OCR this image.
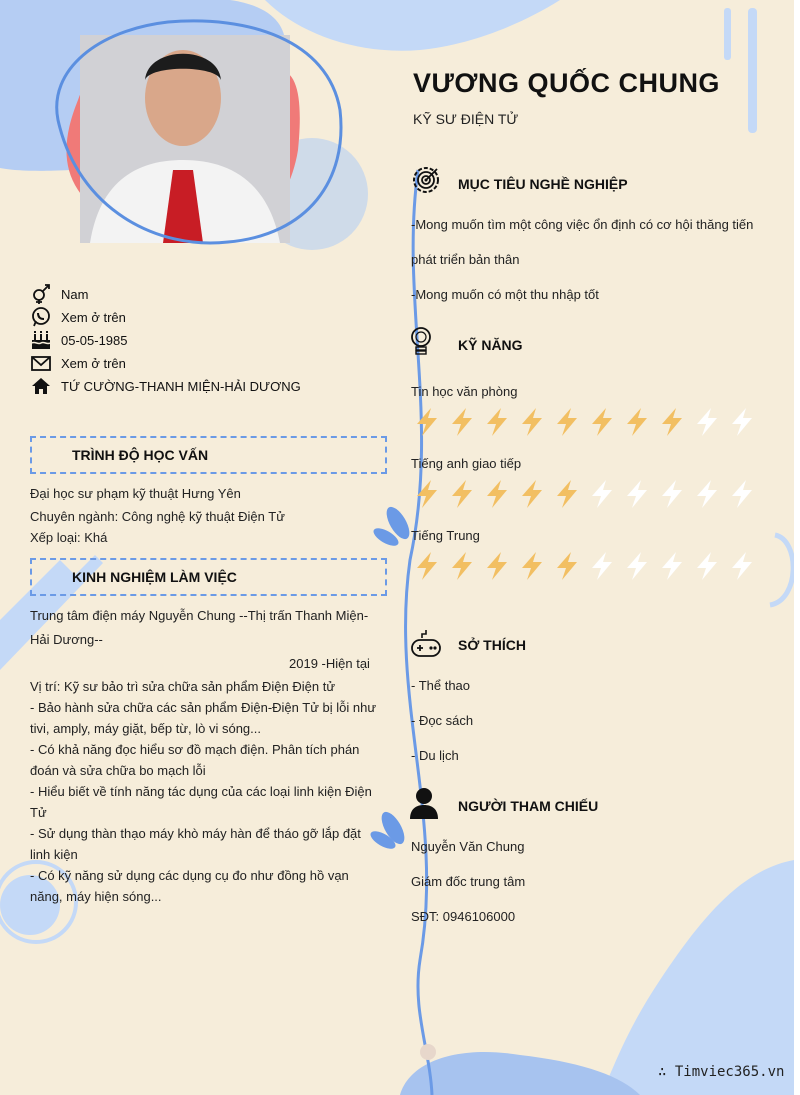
VƯƠNG QUỐC CHUNG
KỸ SƯ ĐIỆN TỬ
Nam
Xem ở trên
05-05-1985
Xem ở trên
TỨ CƯỜNG-THANH MIỆN-HẢI DƯƠNG
TRÌNH ĐỘ HỌC VẤN
Đại học sư phạm kỹ thuật Hưng Yên
Chuyên ngành: Công nghệ kỹ thuật Điện Tử
Xếp loại: Khá
KINH NGHIỆM LÀM VIỆC
Trung tâm điện máy Nguyễn Chung --Thị trấn Thanh Miện-
Hải Dương--
2019 -Hiện tại
Vị trí: Kỹ sư bảo trì sửa chữa sản phẩm Điện Điện tử
- Bảo hành sửa chữa các sản phẩm Điện-Điện Tử bị lỗi như
tivi, amply, máy giặt, bếp từ, lò vi sóng...
- Có khả năng đọc hiểu sơ đồ mạch điện. Phân tích phán
đoán và sửa chữa bo mạch lỗi
- Hiểu biết về tính năng tác dụng của các loại linh kiện Điện
Tử
- Sử dụng thàn thạo máy khò máy hàn để tháo gỡ lắp đặt
linh kiện
- Có kỹ năng sử dụng các dụng cụ đo như đồng hồ vạn
năng, máy hiện sóng...
MỤC TIÊU NGHỀ NGHIỆP
-Mong muốn tìm một công việc ổn định có cơ hội thăng tiến
phát triển bản thân
-Mong muốn có một thu nhập tốt
KỸ NĂNG
Tin học văn phòng
Tiếng anh giao tiếp
Tiếng Trung
SỞ THÍCH
- Thể thao
- Đọc sách
- Du lịch
NGƯỜI THAM CHIẾU
Nguyễn Văn Chung
Giám đốc trung tâm
SĐT: 0946106000
∴ Timviec365.vn
